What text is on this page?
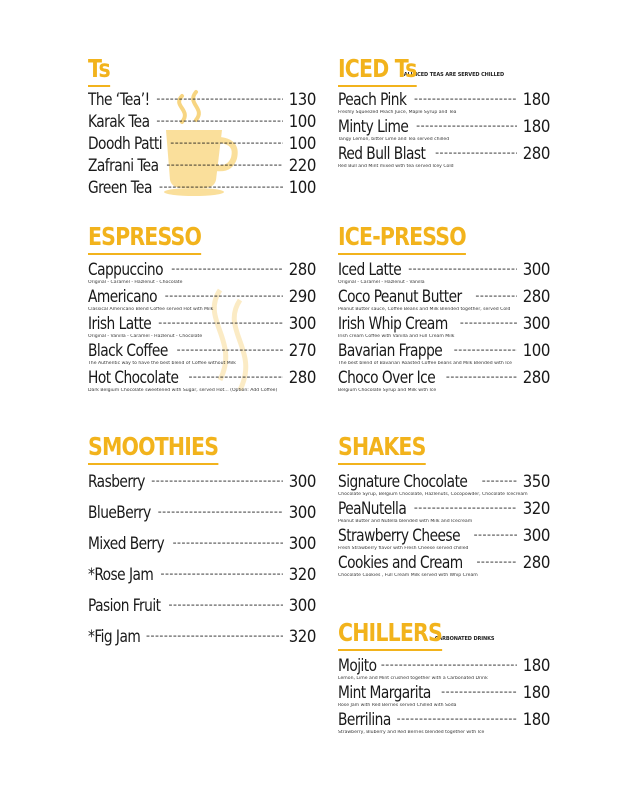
Ts
The ‘Tea’! -----	130
Karak Tea -----	100
Doodh Patti -----	100
Zafrani Tea -----	220
Green Tea -----	100
ESPRESSO
Cappuccino -----	280
Original - Caramel - Hazlenut - Chocolate
Americano -----	290
Classical Americano Blend Coffee served Hot with Milk
Irish Latte -----	300
Original - Vanilla - Caramel - Hazlenut - Chocolate
Black Coffee -----	270
The Authentic way to have the best blend of Coffee without Milk
Hot Chocolate -----	280
Dark Belgium Chocolate sweetened with Sugar, served Hot... (Option: Add Coffee)
SMOOTHIES
Rasberry -----	300
BlueBerry -----	300
Mixed Berry -----	300
*Rose Jam -----	320
Pasion Fruit -----	300
*Fig Jam -----	320
ICED TsALL ICED TEAS ARE SERVED CHILLED
Peach Pink -----	180
Freshly Squeezed Peach Juice, Maple Syrup and Tea
Minty Lime -----	180
Tangy Lemon, bitter Lime and Tea served chilled
Red Bull Blast -----	280
Red Bull and Mint mixed with tea served Icey Cold
ICE-PRESSO
Iced Latte -----	300
Original - Caramel - Hazlenut - Vanilla
Coco Peanut Butter -----	280
Peanut Butter sauce, Coffee Beans and Milk Blended together, served Cold
Irish Whip Cream -----	300
Irish cream Coffee with Vanilla and Full Cream Milk
Bavarian Frappe -----	100
The best blend of Bavarian Roasted Coffee beans and Milk Blended with Ice
Choco Over Ice -----	280
Belgium Chocolate Syrup and Milk with Ice
SHAKES
Signature Chocolate -----	350
Chocolate Syrup, Belgium Chocolate, Hazlenuts, Cocopowder, Chocolate Icecream
PeaNutella -----	320
Peanut Butter and Nutella blended with Milk and Icecream
Strawberry Cheese -----	300
Fresh Strawberry flavor with Fresh Cheese served chilled
Cookies and Cream -----	280
Chocolate Cookies , Full Cream Milk served with Whip Cream
CHILLERSCARBONATED DRINKS
Mojito -----	180
Lemon, Lime and Mint crushed together with a Carbonated Drink
Mint Margarita -----	180
Rose Jam with Red Berries served Chilled with Soda
Berrilina -----	180
Strawberry, Bluberry and Red Berries blended together with Ice
